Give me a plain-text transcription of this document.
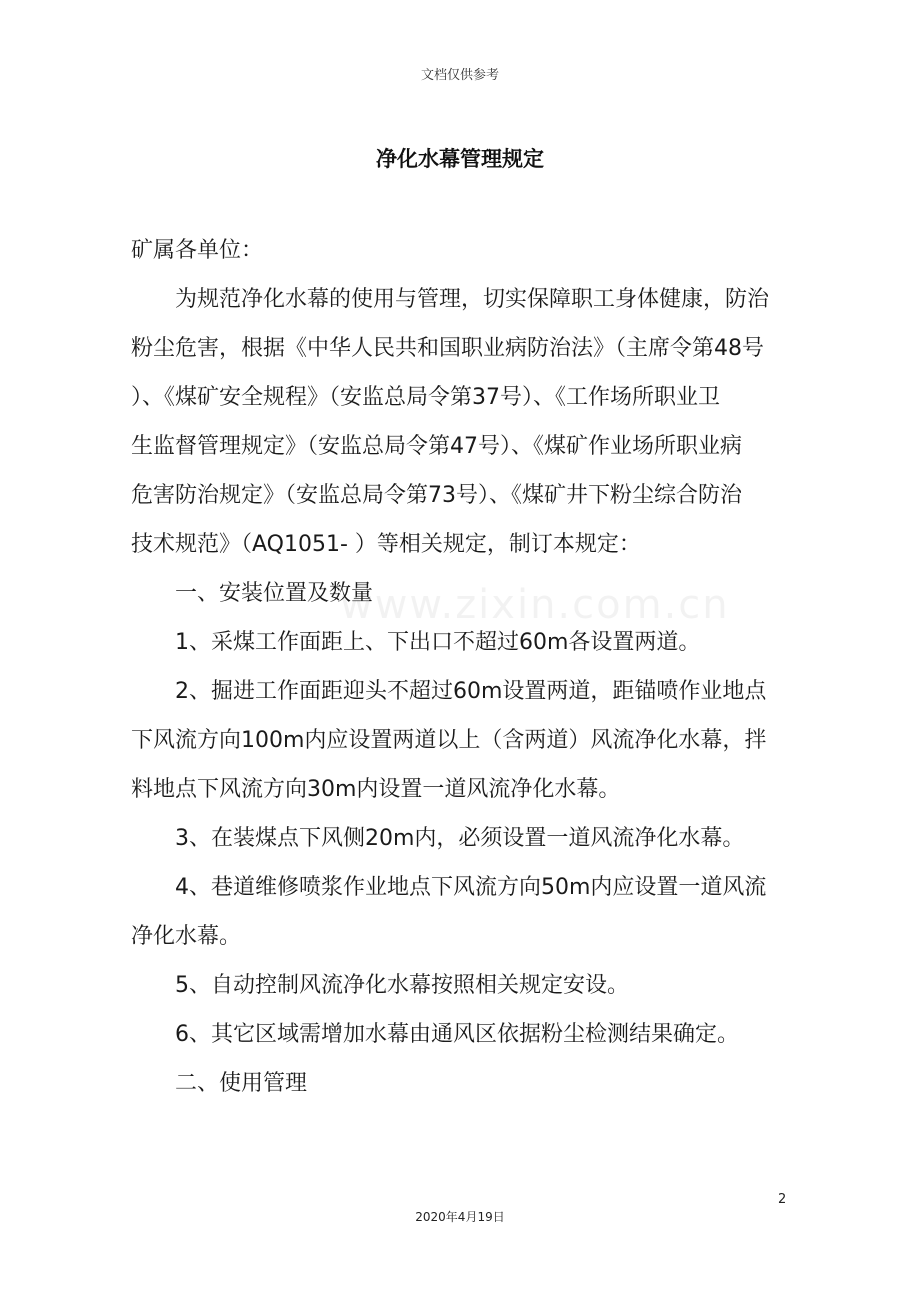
文档仅供参考
净化水幕管理规定
矿属各单位：
　　为规范净化水幕的使用与管理，切实保障职工身体健康，防治
粉尘危害，根据《中华人民共和国职业病防治法》（主席令第48号
）、《煤矿安全规程》（安监总局令第37号）、《工作场所职业卫
生监督管理规定》（安监总局令第47号）、《煤矿作业场所职业病
危害防治规定》（安监总局令第73号）、《煤矿井下粉尘综合防治
技术规范》（AQ1051- ）等相关规定，制订本规定：
　　一、安装位置及数量
　　1、采煤工作面距上、下出口不超过60m各设置两道。
　　2、掘进工作面距迎头不超过60m设置两道，距锚喷作业地点
下风流方向100m内应设置两道以上（含两道）风流净化水幕，拌
料地点下风流方向30m内设置一道风流净化水幕。
　　3、在装煤点下风侧20m内，必须设置一道风流净化水幕。
　　4、巷道维修喷浆作业地点下风流方向50m内应设置一道风流
净化水幕。
　　5、自动控制风流净化水幕按照相关规定安设。
　　6、其它区域需增加水幕由通风区依据粉尘检测结果确定。
　　二、使用管理
www.zixin.com.cn
2
2020年4月19日
